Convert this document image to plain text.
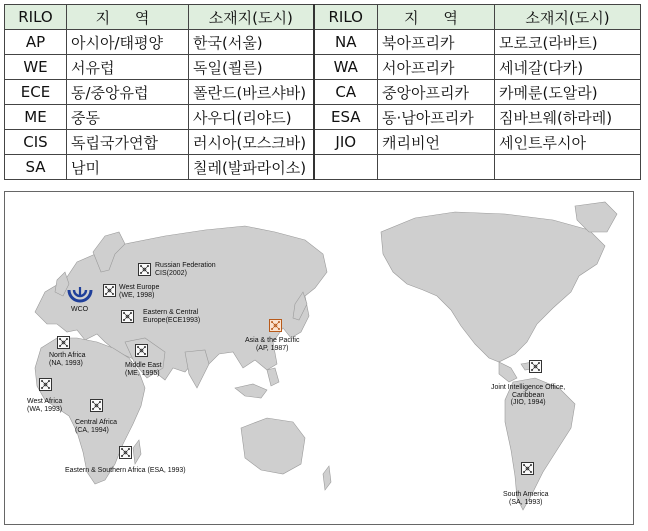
RILO	지 역	소재지(도시)	RILO	지 역	소재지(도시)
AP	아시아/태평양	한국(서울)	NA	북아프리카	모로코(라바트)
WE	서유럽	독일(쾰른)	WA	서아프리카	세네갈(다카)
ECE	동/중앙유럽	폴란드(바르샤바)	CA	중앙아프리카	카메룬(도알라)
ME	중동	사우디(리야드)	ESA	동·남아프리카	짐바브웨(하라레)
CIS	독립국가연합	러시아(모스크바)	JIO	캐리비언	세인트루시아
SA	남미	칠레(발파라이소)			
WCO
Russian Federation
CIS(2002)
West Europe
(WE, 1998)
Eastern & Central
Europe(ECE1993)
Asia & the Pacific
(AP, 1987)
North Africa
(NA, 1993)	Middle East
(ME, 1995)
West Africa
(WA, 1993)
Central Africa
(CA, 1994)
Eastern & Southern Africa (ESA, 1993)
Joint Intelligence Office,
Caribbean
(JIO, 1994)
South America
(SA, 1993)
